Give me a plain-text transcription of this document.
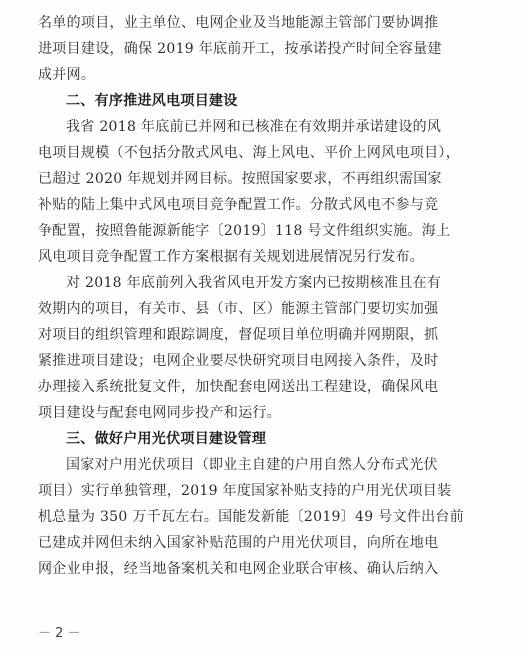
名单的项目，业主单位、电网企业及当地能源主管部门要协调推
进项目建设，确保 2019 年底前开工，按承诺投产时间全容量建
成并网。
二、有序推进风电项目建设
我省 2018 年底前已并网和已核准在有效期并承诺建设的风
电项目规模（不包括分散式风电、海上风电、平价上网风电项目），
已超过 2020 年规划并网目标。按照国家要求，不再组织需国家
补贴的陆上集中式风电项目竞争配置工作。分散式风电不参与竞
争配置，按照鲁能源新能字〔2019〕118 号文件组织实施。海上
风电项目竞争配置工作方案根据有关规划进展情况另行发布。
对 2018 年底前列入我省风电开发方案内已按期核准且在有
效期内的项目，有关市、县（市、区）能源主管部门要切实加强
对项目的组织管理和跟踪调度，督促项目单位明确并网期限，抓
紧推进项目建设；电网企业要尽快研究项目电网接入条件，及时
办理接入系统批复文件，加快配套电网送出工程建设，确保风电
项目建设与配套电网同步投产和运行。
三、做好户用光伏项目建设管理
国家对户用光伏项目（即业主自建的户用自然人分布式光伏
项目）实行单独管理，2019 年度国家补贴支持的户用光伏项目装
机总量为 350 万千瓦左右。国能发新能〔2019〕49 号文件出台前
已建成并网但未纳入国家补贴范围的户用光伏项目，向所在地电
网企业申报，经当地备案机关和电网企业联合审核、确认后纳入
－ 2 －
